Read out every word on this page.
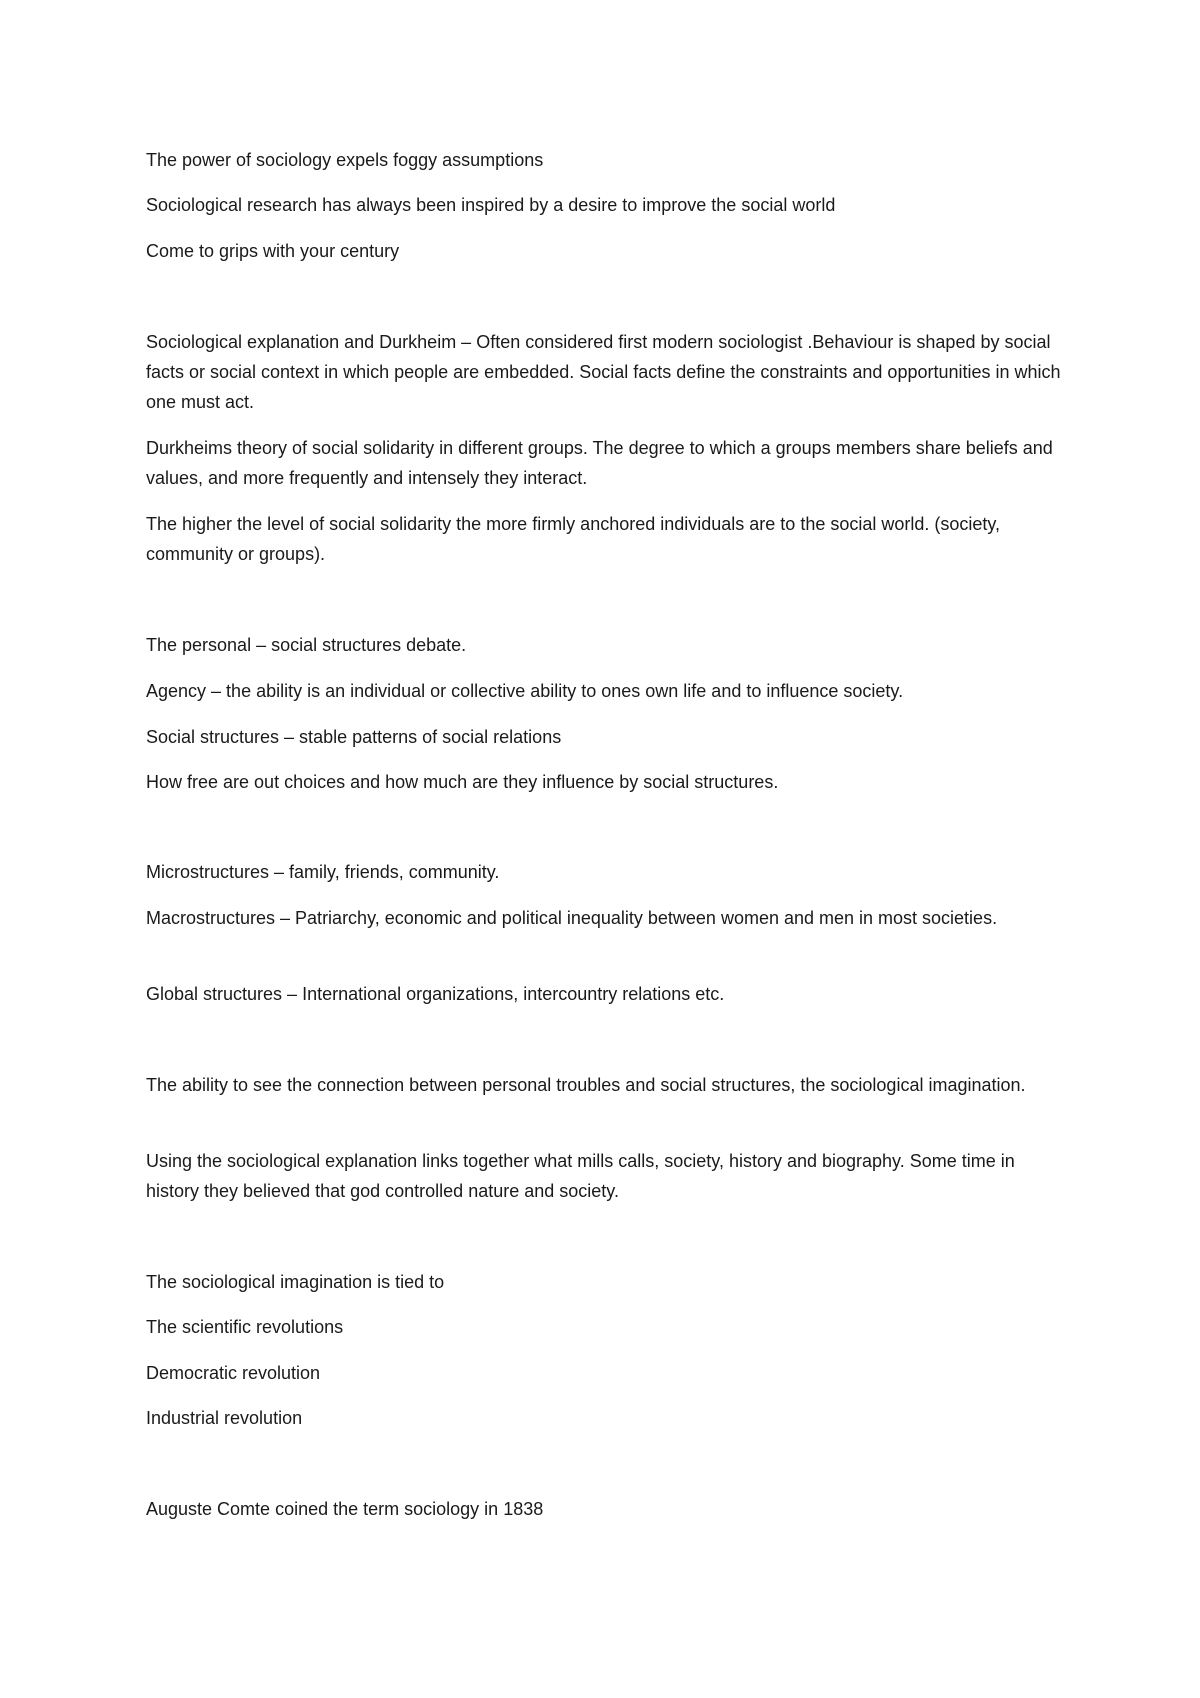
The power of sociology expels foggy assumptions

Sociological research has always been inspired by a desire to improve the social world

Come to grips with your century

Sociological explanation and Durkheim – Often considered first modern sociologist .Behaviour is shaped by social facts or social context in which people are embedded. Social facts define the constraints and opportunities in which one must act.

Durkheims theory of social solidarity in different groups. The degree to which a groups members share beliefs and values, and more frequently and intensely they interact.

The higher the level of social solidarity the more firmly anchored individuals are to the social world. (society, community or groups).

The personal – social structures debate.

Agency – the ability is an individual or collective ability to ones own life and to influence society.

Social structures – stable patterns of social relations

How free are out choices and how much are they influence by social structures.

Microstructures – family, friends, community.

Macrostructures – Patriarchy, economic and political inequality between women and men in most societies.

Global structures – International organizations, intercountry relations etc.

The ability to see the connection between personal troubles and social structures, the sociological imagination.

Using the sociological explanation links together what mills calls, society, history and biography. Some time in history they believed that god controlled nature and society.

The sociological imagination is tied to

The scientific revolutions

Democratic revolution

Industrial revolution

Auguste Comte coined the term sociology in 1838
